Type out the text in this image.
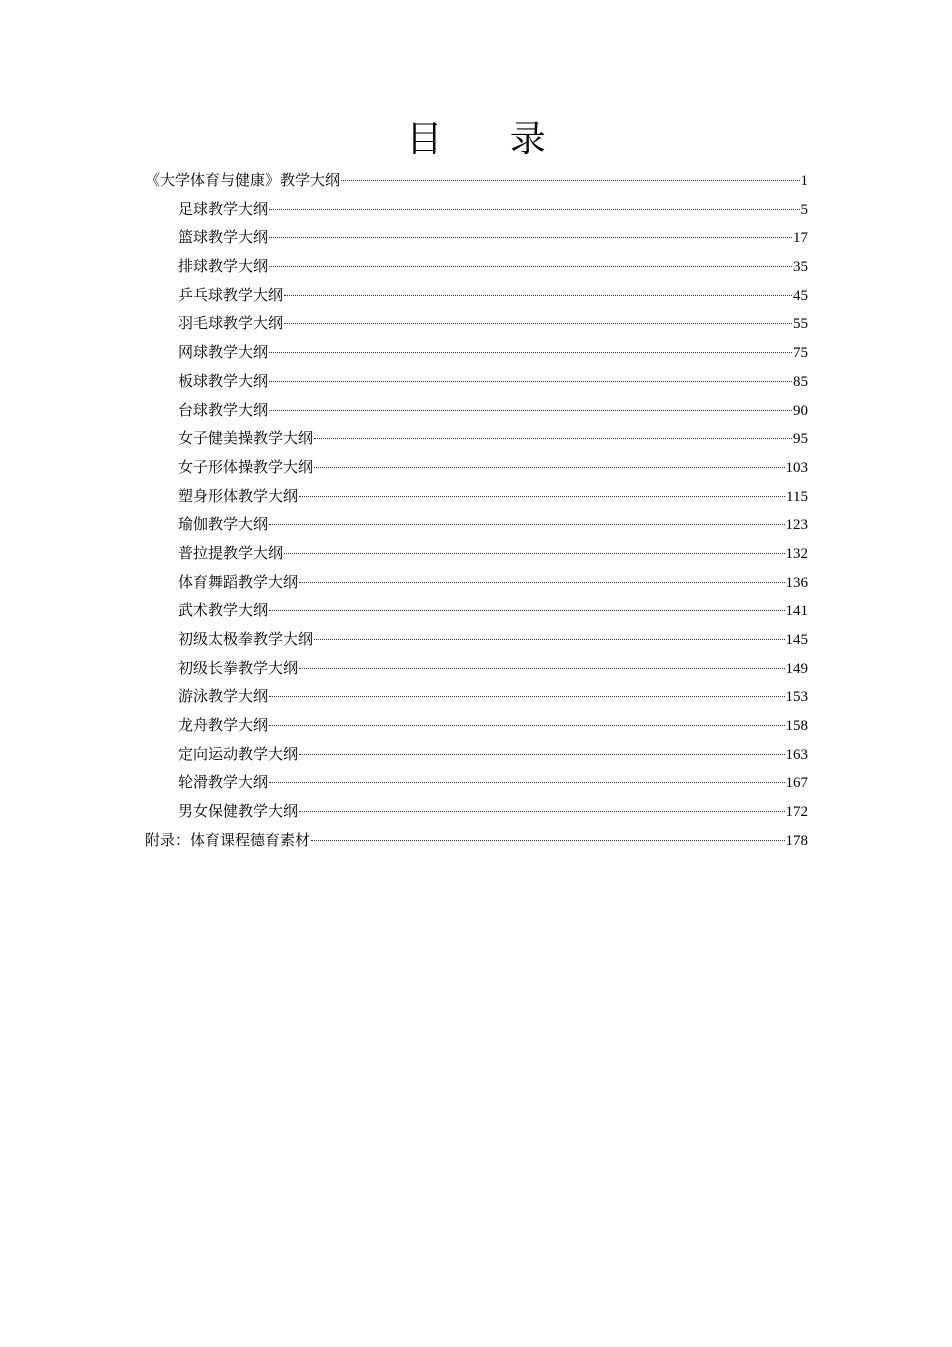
目 录
《大学体育与健康》教学大纲	1
足球教学大纲	5
篮球教学大纲	17
排球教学大纲	35
乒乓球教学大纲	45
羽毛球教学大纲	55
网球教学大纲	75
板球教学大纲	85
台球教学大纲	90
女子健美操教学大纲	95
女子形体操教学大纲	103
塑身形体教学大纲	115
瑜伽教学大纲	123
普拉提教学大纲	132
体育舞蹈教学大纲	136
武术教学大纲	141
初级太极拳教学大纲	145
初级长拳教学大纲	149
游泳教学大纲	153
龙舟教学大纲	158
定向运动教学大纲	163
轮滑教学大纲	167
男女保健教学大纲	172
附录：体育课程德育素材	178
